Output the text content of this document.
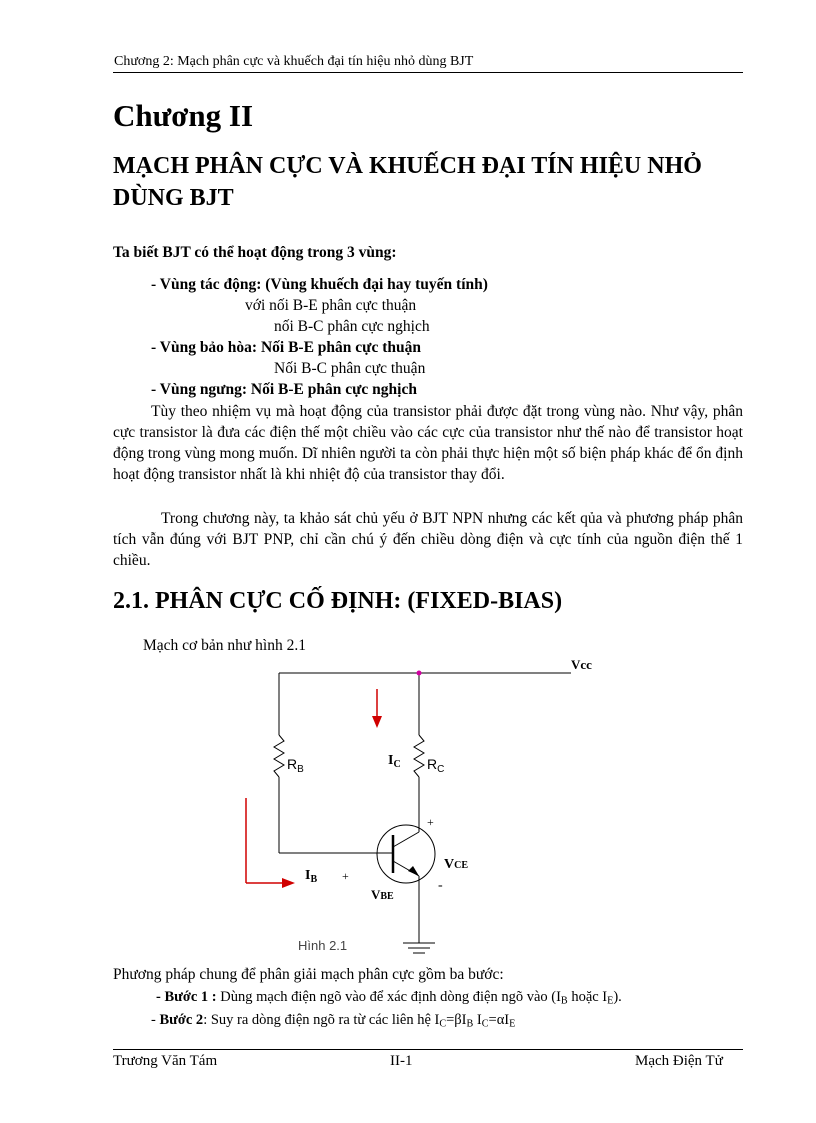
Chương 2: Mạch phân cực và khuếch đại tín hiệu nhỏ dùng BJT
Chương II
MẠCH PHÂN CỰC VÀ KHUẾCH ĐẠI TÍN HIỆU NHỎ DÙNG BJT
Ta biết BJT có thể hoạt động trong 3 vùng:
- Vùng tác động: (Vùng khuếch đại hay tuyến tính)
với nối B-E phân cực thuận
nối B-C phân cực nghịch
- Vùng bảo hòa: Nối B-E phân cực thuận
Nối B-C phân cực thuận
- Vùng ngưng: Nối B-E phân cực nghịch
Tùy theo nhiệm vụ mà hoạt động của transistor phải được đặt trong vùng nào. Như vậy, phân cực transistor là đưa các điện thế một chiều vào các cực của transistor như thế nào để transistor hoạt động trong vùng mong muốn. Dĩ nhiên người ta còn phải thực hiện một số biện pháp khác để ổn định hoạt động transistor nhất là khi nhiệt độ của transistor thay đổi.
Trong chương này, ta khảo sát chủ yếu ở BJT NPN nhưng các kết qủa và phương pháp phân tích vẫn đúng với BJT PNP, chỉ cần chú ý đến chiều dòng điện và cực tính của nguồn điện thế 1 chiều.
2.1. PHÂN CỰC CỐ ĐỊNH: (FIXED-BIAS)
Mạch cơ bản như hình 2.1
Vcc
$R_B$	$R_C$
$I_C$
$I_B$
VCE
VBE
+
-
+
Hình 2.1
Phương pháp chung để phân giải mạch phân cực gồm ba bước:
- Bước 1 : Dùng mạch điện ngõ vào để xác định dòng điện ngõ vào ($I_B$ hoặc $I_E$).
- Bước 2: Suy ra dòng điện ngõ ra từ các liên hệ $I_C=\beta I_B$ $I_C=\alpha I_E$
Trương Văn Tám	II-1	Mạch Điện Tử
